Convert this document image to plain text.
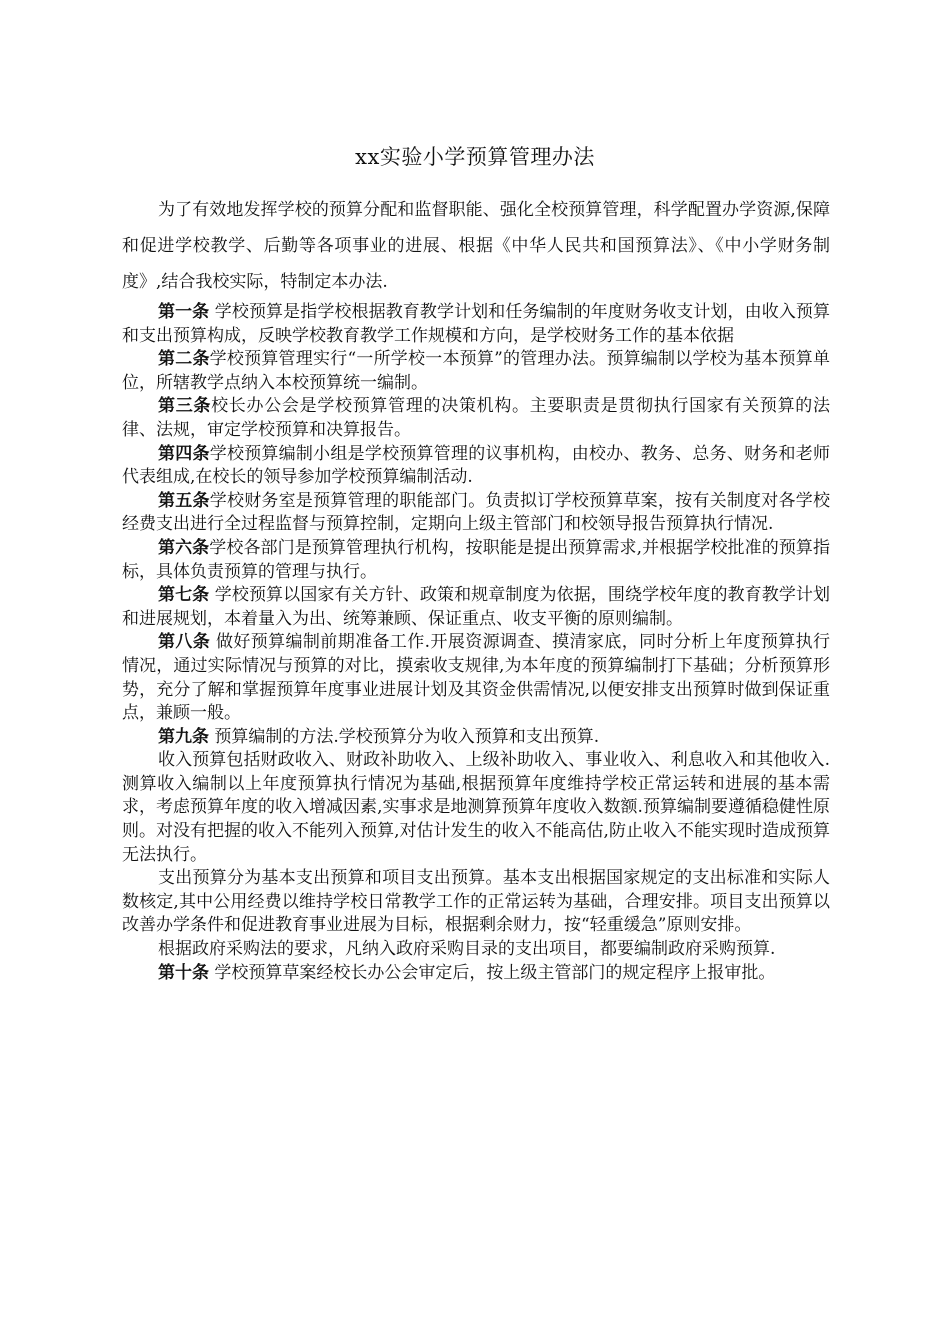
xx实验小学预算管理办法

为了有效地发挥学校的预算分配和监督职能、强化全校预算管理，科学配置办学资源,保障和促进学校教学、后勤等各项事业的进展、根据《中华人民共和国预算法》、《中小学财务制度》,结合我校实际，特制定本办法.

第一条 学校预算是指学校根据教育教学计划和任务编制的年度财务收支计划，由收入预算和支出预算构成，反映学校教育教学工作规模和方向，是学校财务工作的基本依据

第二条学校预算管理实行“一所学校一本预算”的管理办法。预算编制以学校为基本预算单位，所辖教学点纳入本校预算统一编制。

第三条校长办公会是学校预算管理的决策机构。主要职责是贯彻执行国家有关预算的法律、法规，审定学校预算和决算报告。

第四条学校预算编制小组是学校预算管理的议事机构，由校办、教务、总务、财务和老师代表组成,在校长的领导参加学校预算编制活动.

第五条学校财务室是预算管理的职能部门。负责拟订学校预算草案，按有关制度对各学校经费支出进行全过程监督与预算控制，定期向上级主管部门和校领导报告预算执行情况.

第六条学校各部门是预算管理执行机构，按职能是提出预算需求,并根据学校批准的预算指标，具体负责预算的管理与执行。

第七条 学校预算以国家有关方针、政策和规章制度为依据，围绕学校年度的教育教学计划和进展规划，本着量入为出、统筹兼顾、保证重点、收支平衡的原则编制。

第八条 做好预算编制前期准备工作.开展资源调查、摸清家底，同时分析上年度预算执行情况，通过实际情况与预算的对比，摸索收支规律,为本年度的预算编制打下基础；分析预算形势，充分了解和掌握预算年度事业进展计划及其资金供需情况,以便安排支出预算时做到保证重点，兼顾一般。

第九条 预算编制的方法.学校预算分为收入预算和支出预算.

收入预算包括财政收入、财政补助收入、上级补助收入、事业收入、利息收入和其他收入.测算收入编制以上年度预算执行情况为基础,根据预算年度维持学校正常运转和进展的基本需求，考虑预算年度的收入增减因素,实事求是地测算预算年度收入数额.预算编制要遵循稳健性原则。对没有把握的收入不能列入预算,对估计发生的收入不能高估,防止收入不能实现时造成预算无法执行。

支出预算分为基本支出预算和项目支出预算。基本支出根据国家规定的支出标准和实际人数核定,其中公用经费以维持学校日常教学工作的正常运转为基础，合理安排。项目支出预算以改善办学条件和促进教育事业进展为目标，根据剩余财力，按“轻重缓急”原则安排。

根据政府采购法的要求，凡纳入政府采购目录的支出项目，都要编制政府采购预算.

第十条 学校预算草案经校长办公会审定后，按上级主管部门的规定程序上报审批。
